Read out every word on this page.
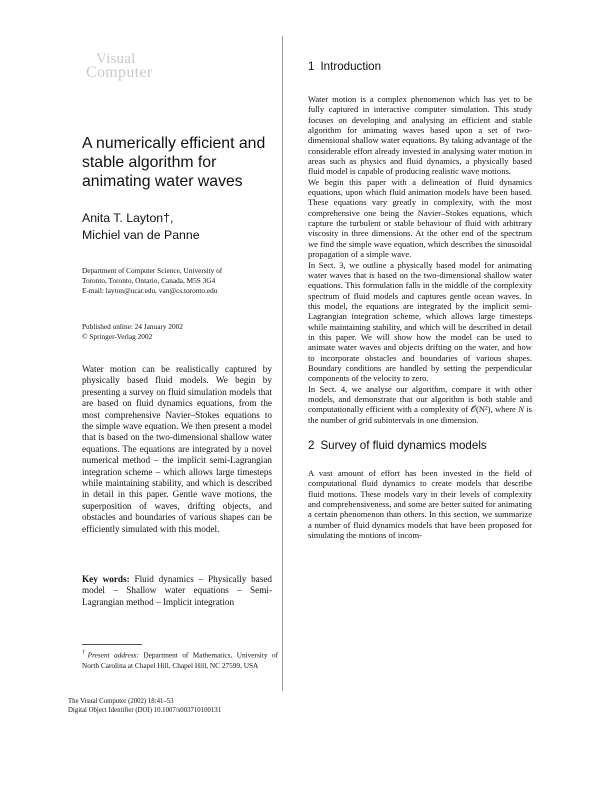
Visual
Computer
A numerically efficient and stable algorithm for animating water waves
Anita T. Layton†,
Michiel van de Panne
Department of Computer Science, University of
Toronto, Toronto, Ontario, Canada, M5S 3G4
E-mail: layton@ucar.edu, van@cs.toronto.edu
Published online: 24 January 2002
© Springer-Verlag 2002

Water motion can be realistically captured by physically based fluid models. We begin by presenting a survey on fluid simulation models that are based on fluid dynamics equations, from the most comprehensive Navier–Stokes equations to the simple wave equation. We then present a model that is based on the two-dimensional shallow water equations. The equations are integrated by a novel numerical method – the implicit semi-Lagrangian integration scheme – which allows large timesteps while maintaining stability, and which is described in detail in this paper. Gentle wave motions, the superposition of waves, drifting objects, and obstacles and boundaries of various shapes can be efficiently simulated with this model.

Key words: Fluid dynamics – Physically based model – Shallow water equations – Semi-Lagrangian method – Implicit integration

†Present address: Department of Mathematics, University of North Carolina at Chapel Hill, Chapel Hill, NC 27599, USA

The Visual Computer (2002) 18:41–53
Digital Object Identifier (DOI) 10.1007/s003710100131
1 Introduction

Water motion is a complex phenomenon which has yet to be fully captured in interactive computer simulation. This study focuses on developing and analysing an efficient and stable algorithm for animating waves based upon a set of two-dimensional shallow water equations. By taking advantage of the considerable effort already invested in analysing water motion in areas such as physics and fluid dynamics, a physically based fluid model is capable of producing realistic wave motions.

We begin this paper with a delineation of fluid dynamics equations, upon which fluid animation models have been based. These equations vary greatly in complexity, with the most comprehensive one being the Navier–Stokes equations, which capture the turbulent or stable behaviour of fluid with arbitrary viscosity in three dimensions. At the other end of the spectrum we find the simple wave equation, which describes the sinusoidal propagation of a simple wave.

In Sect. 3, we outline a physically based model for animating water waves that is based on the two-dimensional shallow water equations. This formulation falls in the middle of the complexity spectrum of fluid models and captures gentle ocean waves. In this model, the equations are integrated by the implicit semi-Lagrangian integration scheme, which allows large timesteps while maintaining stability, and which will be described in detail in this paper. We will show how the model can be used to animate water waves and objects drifting on the water, and how to incorporate obstacles and boundaries of various shapes. Boundary conditions are handled by setting the perpendicular components of the velocity to zero.

In Sect. 4, we analyse our algorithm, compare it with other models, and demonstrate that our algorithm is both stable and computationally efficient with a complexity of 𝒪(N²), where N is the number of grid subintervals in one dimension.

2 Survey of fluid dynamics models

A vast amount of effort has been invested in the field of computational fluid dynamics to create models that describe fluid motions. These models vary in their levels of complexity and comprehensiveness, and some are better suited for animating a certain phenomenon than others. In this section, we summarize a number of fluid dynamics models that have been proposed for simulating the motions of incom-
